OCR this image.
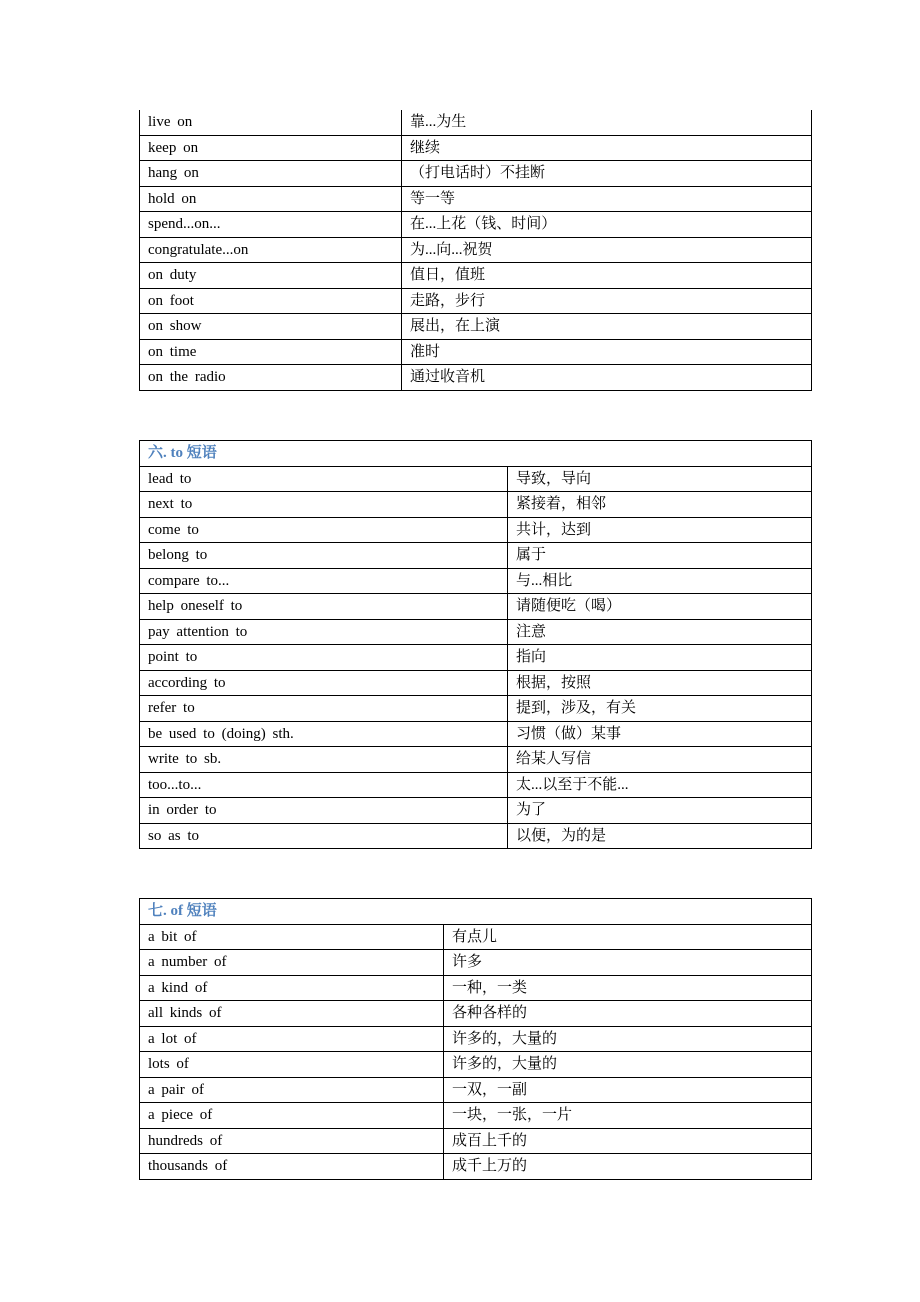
live on	靠...为生
keep on	继续
hang on	（打电话时）不挂断
hold on	等一等
spend...on...	在...上花（钱、时间）
congratulate...on	为...向...祝贺
on duty	值日，值班
on foot	走路，步行
on show	展出，在上演
on time	准时
on the radio	通过收音机
六. to 短语	
lead to	导致，导向
next to	紧接着，相邻
come to	共计，达到
belong to	属于
compare to...	与...相比
help oneself to	请随便吃（喝）
pay attention to	注意
point to	指向
according to	根据，按照
refer to	提到，涉及，有关
be used to (doing) sth.	习惯（做）某事
write to sb.	给某人写信
too...to...	太...以至于不能...
in order to	为了
so as to	以便，为的是
七. of 短语	
a bit of	有点儿
a number of	许多
a kind of	一种，一类
all kinds of	各种各样的
a lot of	许多的，大量的
lots of	许多的，大量的
a pair of	一双，一副
a piece of	一块，一张，一片
hundreds of	成百上千的
thousands of	成千上万的
